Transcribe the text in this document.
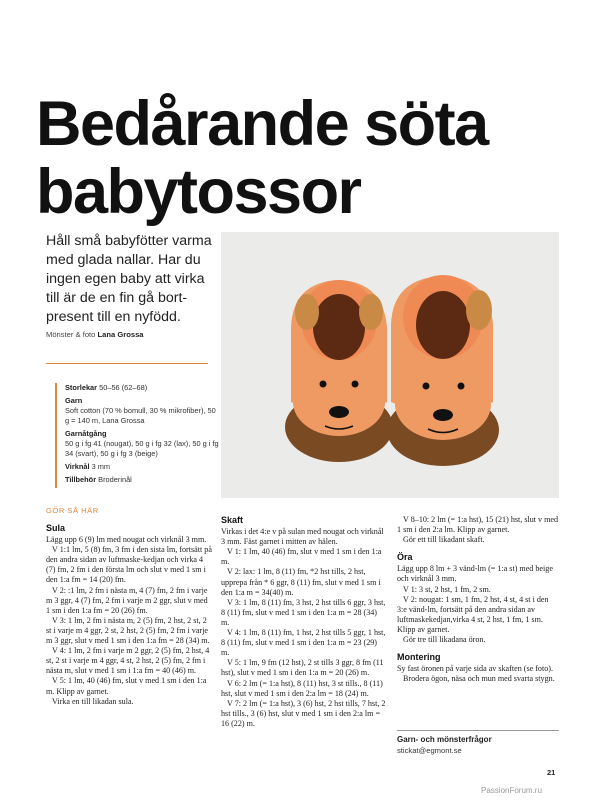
Bedårande söta
babytossor

Håll små babyfötter varma med glada nallar. Har du ingen egen baby att virka till är de en fin gå bort-present till en nyfödd.

Mönster & foto Lana Grossa
Storlekar 50–56 (62–68)
Garn
Soft cotton (70 % bomull, 30 % mikrofiber), 50 g = 140 m, Lana Grossa
Garnåtgång
50 g i fg 41 (nougat), 50 g i fg 32 (lax), 50 g i fg 34 (svart), 50 g i fg 3 (beige)
Virknål 3 mm
Tillbehör Broderinål
GÖR SÅ HÄR
Sula

Lägg upp 6 (9) lm med nougat och virknål 3 mm.

V 1:1 lm, 5 (8) fm, 3 fm i den sista lm, fortsätt på den andra sidan av luftmaske-kedjan och virka 4 (7) fm, 2 fm i den första lm och slut v med 1 sm i den 1:a fm = 14 (20) fm.

V 2: :1 lm, 2 fm i nästa m, 4 (7) fm, 2 fm i varje m 3 ggr, 4 (7) fm, 2 fm i varje m 2 ggr, slut v med 1 sm i den 1:a fm = 20 (26) fm.

V 3: 1 lm, 2 fm i nästa m, 2 (5) fm, 2 hst, 2 st, 2 st i varje m 4 ggr, 2 st, 2 hst, 2 (5) fm, 2 fm i varje m 3 ggr, slut v med 1 sm i den 1:a fm = 28 (34) m.

V 4: 1 lm, 2 fm i varje m 2 ggr, 2 (5) fm, 2 hst, 4 st, 2 st i varje m 4 ggr, 4 st, 2 hst, 2 (5) fm, 2 fm i nästa m, slut v med 1 sm i 1:a fm = 40 (46) m.

V 5: 1 lm, 40 (46) fm, slut v med 1 sm i den 1:a m. Klipp av garnet.

Virka en till likadan sula.

Skaft

Virkas i det 4:e v på sulan med nougat och virknål 3 mm. Fäst garnet i mitten av hälen.

V 1: 1 lm, 40 (46) fm, slut v med 1 sm i den 1:a m.

V 2: lax: 1 lm, 8 (11) fm, *2 hst tills, 2 hst, upprepa från * 6 ggr, 8 (11) fm, slut v med 1 sm i den 1:a m = 34(40) m.

V 3: 1 lm, 8 (11) fm, 3 hst, 2 hst tills 6 ggr, 3 hst, 8 (11) fm, slut v med 1 sm i den 1:a m = 28 (34) m.

V 4: 1 lm, 8 (11) fm, 1 hst, 2 hst tills 5 ggr, 1 hst, 8 (11) fm, slut v med 1 sm i den 1:a m = 23 (29) m.

V 5: 1 lm, 9 fm (12 hst), 2 st tills 3 ggr, 8 fm (11 hst), slut v med 1 sm i den 1:a m = 20 (26) m.

V 6: 2 lm (= 1:a hst), 8 (11) hst, 3 st tills., 8 (11) hst, slut v med 1 sm i den 2:a lm = 18 (24) m.

V 7: 2 lm (= 1:a hst), 3 (6) hst, 2 hst tills, 7 hst, 2 hst tills., 3 (6) hst, slut v med 1 sm i den 2:a lm = 16 (22) m.

V 8–10: 2 lm (= 1:a hst), 15 (21) hst, slut v med 1 sm i den 2:a lm. Klipp av garnet.

Gör ett till likadant skaft.

Öra

Lägg upp 8 lm + 3 vänd-lm (= 1:a st) med beige och virknål 3 mm.

V 1: 3 st, 2 hst, 1 fm, 2 sm.

V 2: nougat: 1 sm, 1 fm, 2 hst, 4 st, 4 st i den 3:e vänd-lm, fortsätt på den andra sidan av luftmaskekedjan,virka 4 st, 2 hst, 1 fm, 1 sm. Klipp av garnet.

Gör tre till likadana öron.

Montering

Sy fast öronen på varje sida av skaften (se foto).

Brodera ögon, näsa och mun med svarta stygn.

Garn- och mönsterfrågor
stickat@egmont.se
21
PassionForum.ru
